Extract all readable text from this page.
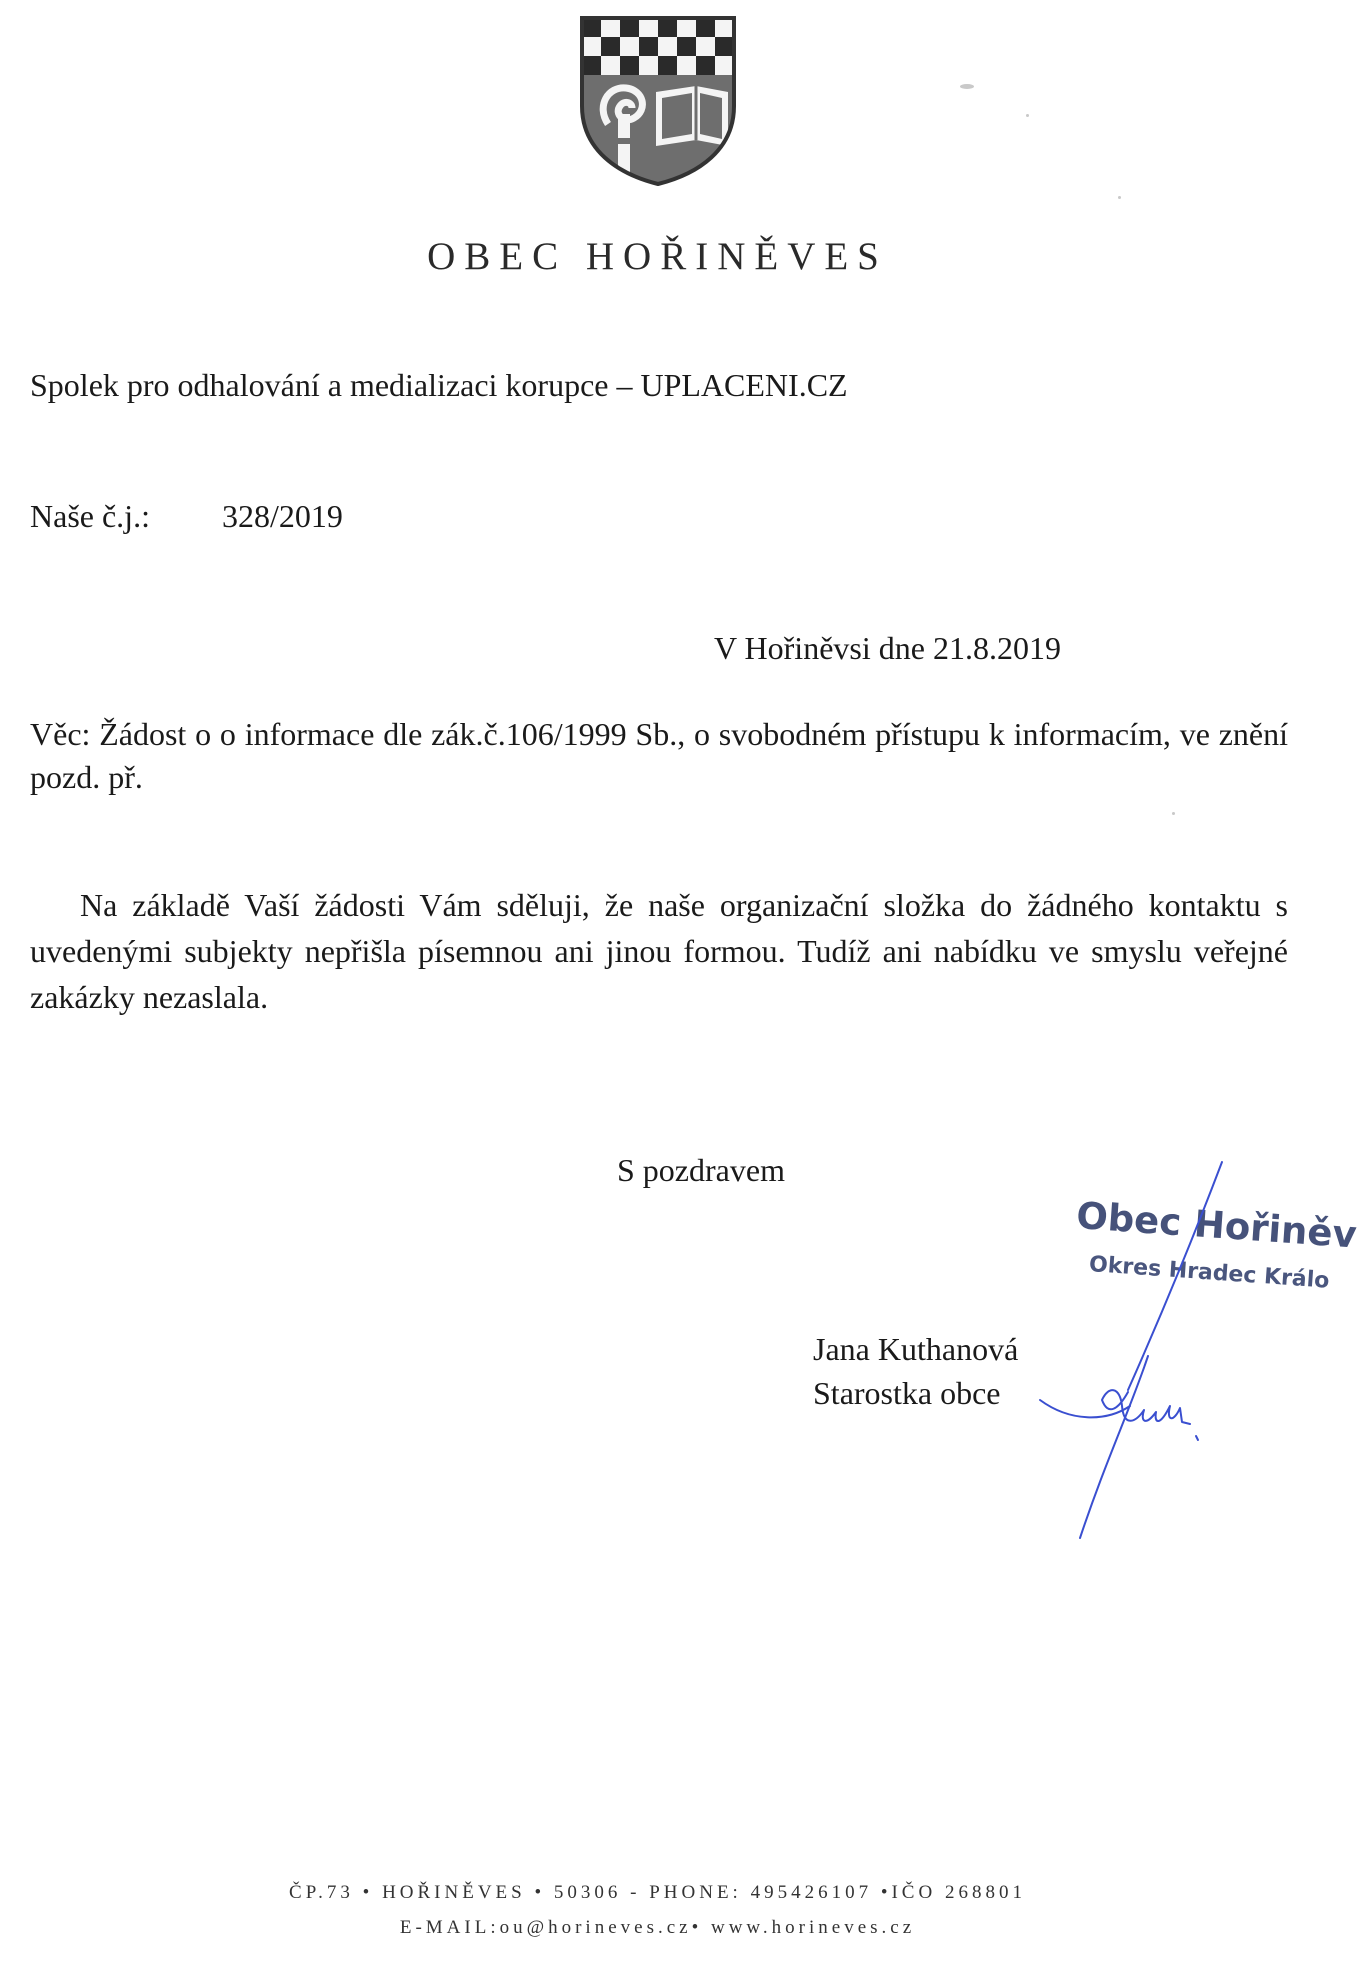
OBEC HOŘINĚVES
Spolek pro odhalování a medializaci korupce – UPLACENI.CZ
Naše č.j.: 328/2019
V Hořiněvsi dne 21.8.2019
Věc: Žádost o o informace dle zák.č.106/1999 Sb., o svobodném přístupu k informacím, ve znění pozd. př.
Na základě Vaší žádosti Vám sděluji, že naše organizační složka do žádného kontaktu s uvedenými subjekty nepřišla písemnou ani jinou formou. Tudíž ani nabídku ve smyslu veřejné zakázky nezaslala.
S pozdravem
Obec Hořiněv
Okres Hradec Králo
Jana Kuthanová
Starostka obce
ČP.73 • HOŘINĚVES • 50306 - PHONE: 495426107 •IČO 268801
E-MAIL:ou@horineves.cz• www.horineves.cz
